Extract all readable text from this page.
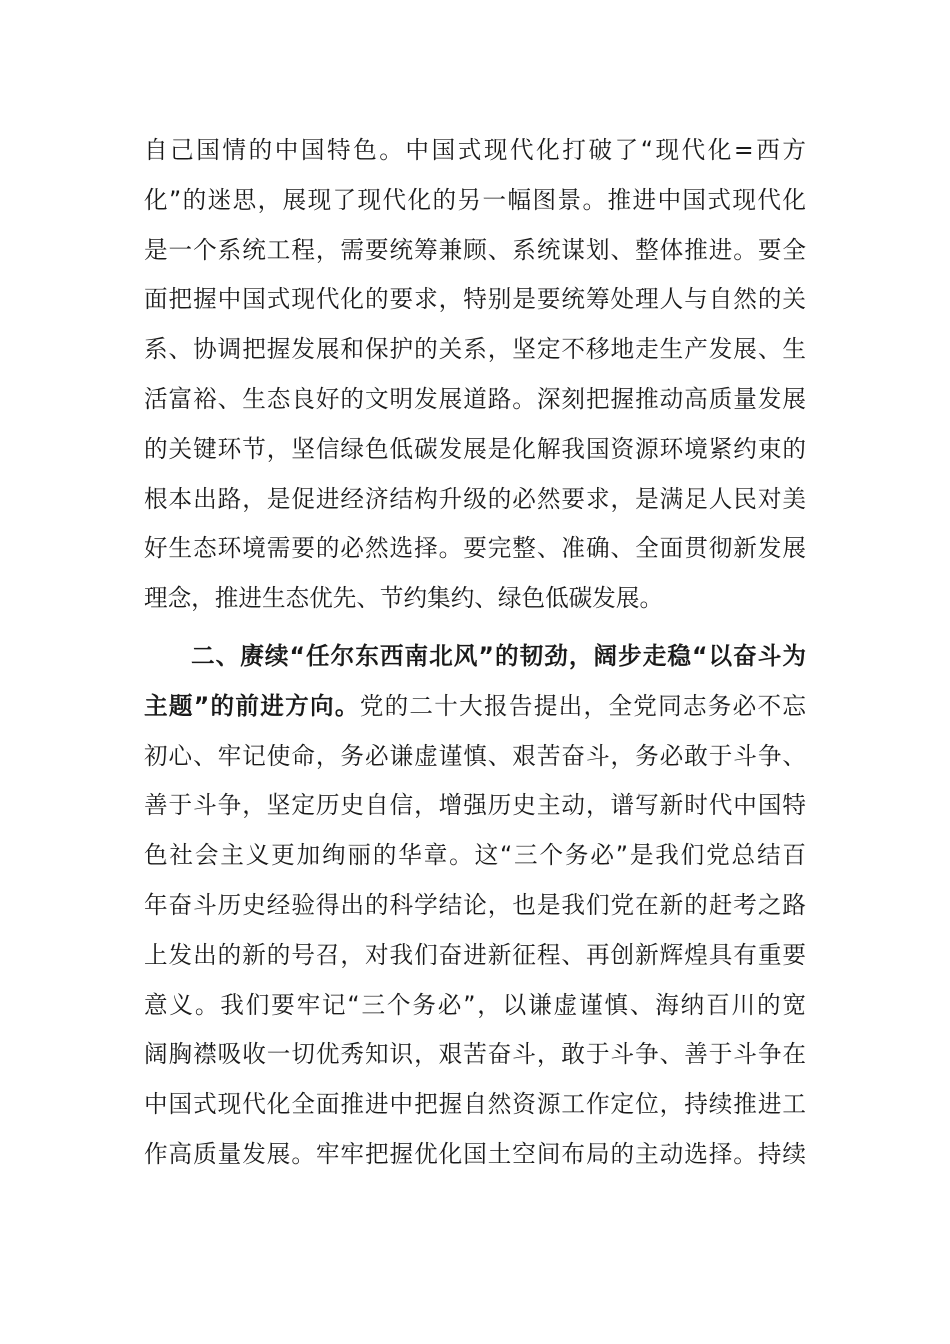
自己国情的中国特色。中国式现代化打破了“现代化=西方
化”的迷思，展现了现代化的另一幅图景。推进中国式现代化
是一个系统工程，需要统筹兼顾、系统谋划、整体推进。要全
面把握中国式现代化的要求，特别是要统筹处理人与自然的关
系、协调把握发展和保护的关系，坚定不移地走生产发展、生
活富裕、生态良好的文明发展道路。深刻把握推动高质量发展
的关键环节，坚信绿色低碳发展是化解我国资源环境紧约束的
根本出路，是促进经济结构升级的必然要求，是满足人民对美
好生态环境需要的必然选择。要完整、准确、全面贯彻新发展
理念，推进生态优先、节约集约、绿色低碳发展。
二、赓续“任尔东西南北风”的韧劲，阔步走稳“以奋斗为
主题”的前进方向。党的二十大报告提出，全党同志务必不忘
初心、牢记使命，务必谦虚谨慎、艰苦奋斗，务必敢于斗争、
善于斗争，坚定历史自信，增强历史主动，谱写新时代中国特
色社会主义更加绚丽的华章。这“三个务必”是我们党总结百
年奋斗历史经验得出的科学结论，也是我们党在新的赶考之路
上发出的新的号召，对我们奋进新征程、再创新辉煌具有重要
意义。我们要牢记“三个务必”，以谦虚谨慎、海纳百川的宽
阔胸襟吸收一切优秀知识，艰苦奋斗，敢于斗争、善于斗争在
中国式现代化全面推进中把握自然资源工作定位，持续推进工
作高质量发展。牢牢把握优化国土空间布局的主动选择。持续
